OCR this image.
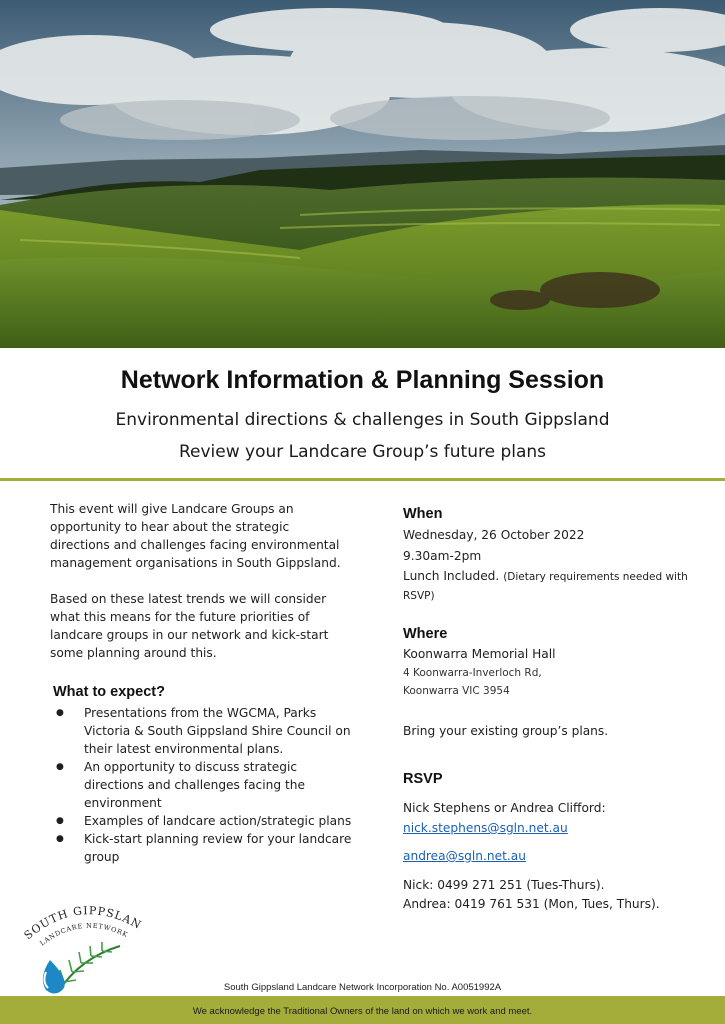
Network Information & Planning Session
Environmental directions & challenges in South Gippsland
Review your Landcare Group’s future plans

This event will give Landcare Groups an opportunity to hear about the strategic directions and challenges facing environmental management organisations in South Gippsland.

Based on these latest trends we will consider what this means for the future priorities of landcare groups in our network and kick-start some planning around this.

What to expect?
● Presentations from the WGCMA, Parks Victoria & South Gippsland Shire Council on their latest environmental plans.
● An opportunity to discuss strategic directions and challenges facing the environment
● Examples of landcare action/strategic plans
● Kick-start planning review for your landcare group
When
Wednesday, 26 October 2022
9.30am-2pm
Lunch Included. (Dietary requirements needed with RSVP)
Where
Koonwarra Memorial Hall
4 Koonwarra-Inverloch Rd,
Koonwarra VIC 3954
Bring your existing group’s plans.
RSVP
Nick Stephens or Andrea Clifford:
nick.stephens@sgln.net.au
andrea@sgln.net.au
Nick: 0499 271 251 (Tues-Thurs).
Andrea: 0419 761 531 (Mon, Tues, Thurs).
SOUTH GIPPSLAN
LANDCARE NETWORK
South Gippsland Landcare Network Incorporation No. A0051992A
We acknowledge the Traditional Owners of the land on which we work and meet.
